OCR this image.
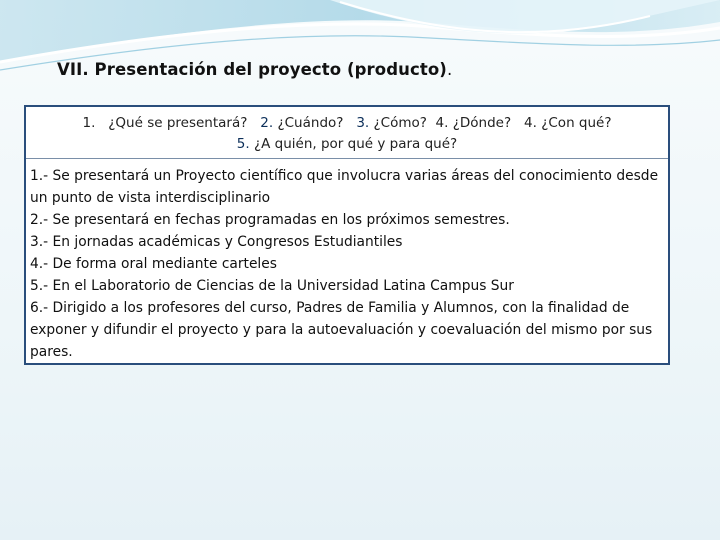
VII. Presentación del proyecto (producto).
1. ¿Qué se presentará? 2. ¿Cuándo? 3. ¿Cómo? 4. ¿Dónde? 4. ¿Con qué?
5. ¿A quién, por qué y para qué?
1.- Se presentará un Proyecto científico que involucra varias áreas del conocimiento desde un punto de vista interdisciplinario
2.- Se presentará en fechas programadas en los próximos semestres.
3.- En jornadas académicas y Congresos Estudiantiles
4.- De forma oral mediante carteles
5.- En el Laboratorio de Ciencias de la Universidad Latina Campus Sur
6.- Dirigido a los profesores del curso, Padres de Familia y Alumnos, con la finalidad de exponer y difundir el proyecto y para la autoevaluación y coevaluación del mismo por sus pares.
